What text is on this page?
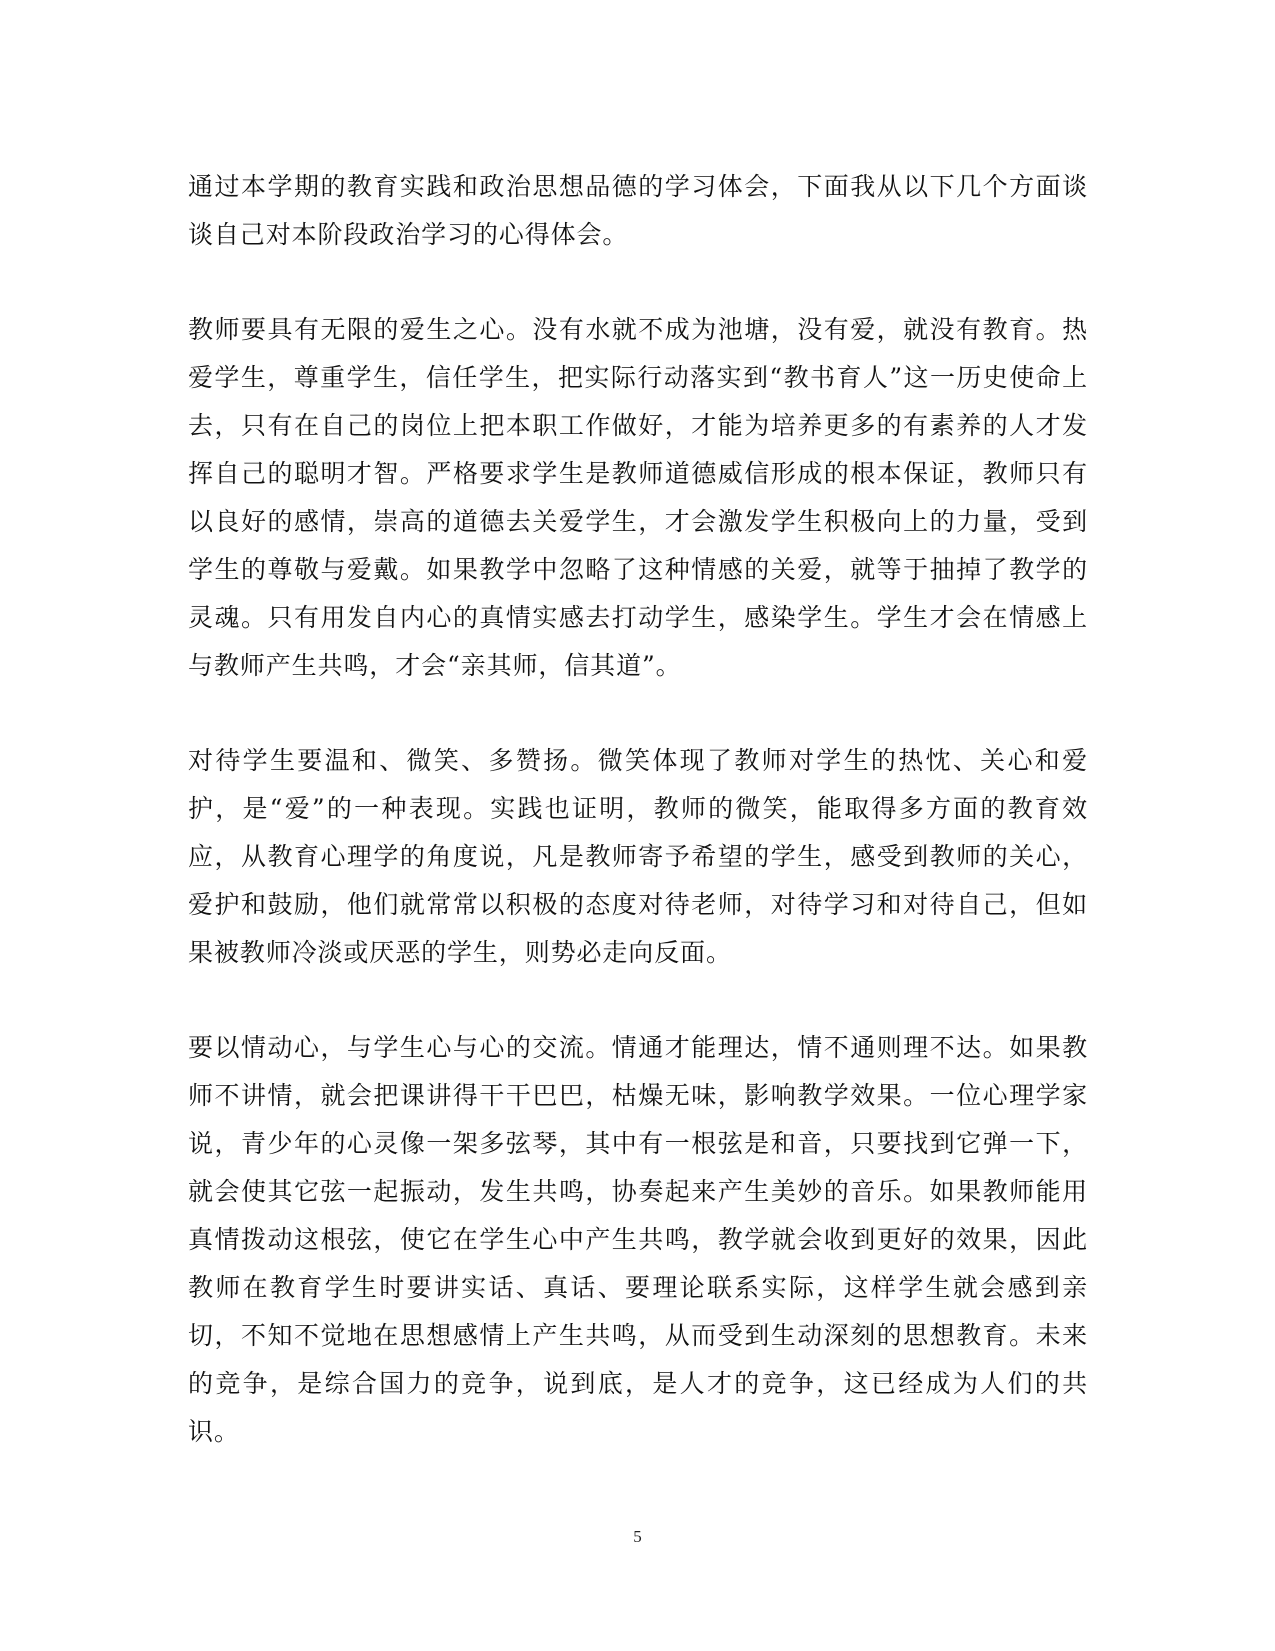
通过本学期的教育实践和政治思想品德的学习体会，下面我从以下几个方面谈谈自己对本阶段政治学习的心得体会。

教师要具有无限的爱生之心。没有水就不成为池塘，没有爱，就没有教育。热爱学生，尊重学生，信任学生，把实际行动落实到“教书育人”这一历史使命上去，只有在自己的岗位上把本职工作做好，才能为培养更多的有素养的人才发挥自己的聪明才智。严格要求学生是教师道德威信形成的根本保证，教师只有以良好的感情，崇高的道德去关爱学生，才会激发学生积极向上的力量，受到学生的尊敬与爱戴。如果教学中忽略了这种情感的关爱，就等于抽掉了教学的灵魂。只有用发自内心的真情实感去打动学生，感染学生。学生才会在情感上与教师产生共鸣，才会“亲其师，信其道”。

对待学生要温和、微笑、多赞扬。微笑体现了教师对学生的热忱、关心和爱护，是“爱”的一种表现。实践也证明，教师的微笑，能取得多方面的教育效应，从教育心理学的角度说，凡是教师寄予希望的学生，感受到教师的关心，爱护和鼓励，他们就常常以积极的态度对待老师，对待学习和对待自己，但如果被教师冷淡或厌恶的学生，则势必走向反面。

要以情动心，与学生心与心的交流。情通才能理达，情不通则理不达。如果教师不讲情，就会把课讲得干干巴巴，枯燥无味，影响教学效果。一位心理学家说，青少年的心灵像一架多弦琴，其中有一根弦是和音，只要找到它弹一下，就会使其它弦一起振动，发生共鸣，协奏起来产生美妙的音乐。如果教师能用真情拨动这根弦，使它在学生心中产生共鸣，教学就会收到更好的效果，因此教师在教育学生时要讲实话、真话、要理论联系实际，这样学生就会感到亲切，不知不觉地在思想感情上产生共鸣，从而受到生动深刻的思想教育。未来的竞争，是综合国力的竞争，说到底，是人才的竞争，这已经成为人们的共识。

5
